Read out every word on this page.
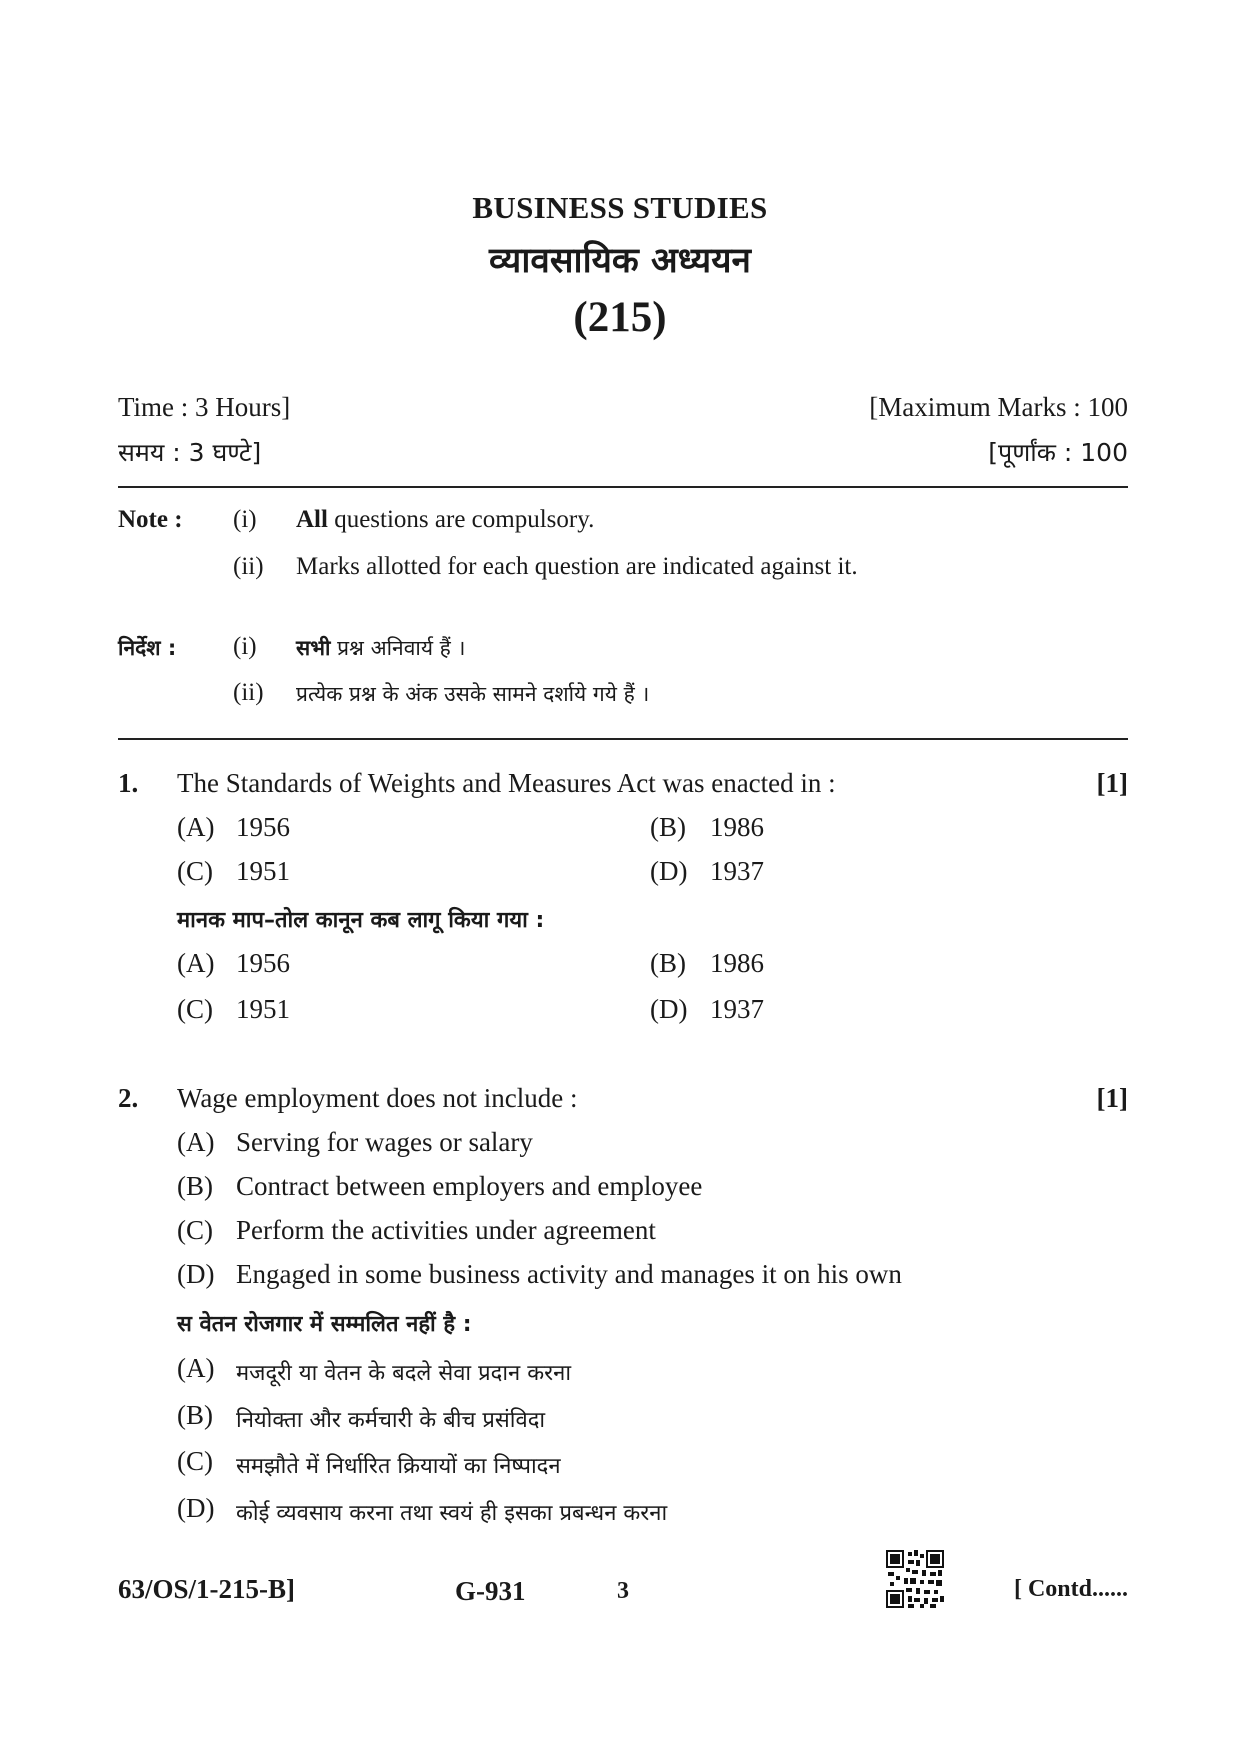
BUSINESS STUDIES
व्यावसायिक अध्ययन
(215)
Time : 3 Hours]
समय : 3 घण्टे]
[Maximum Marks : 100
[पूर्णांक : 100
Note : (i) All questions are compulsory.
(ii) Marks allotted for each question are indicated against it.
निर्देश : (i) सभी प्रश्न अनिवार्य हैं ।
(ii) प्रत्येक प्रश्न के अंक उसके सामने दर्शाये गये हैं ।
1. The Standards of Weights and Measures Act was enacted in :	[1]
(A) 1956	(B) 1986
(C) 1951	(D) 1937
मानक माप–तोल कानून कब लागू किया गया :
(A) 1956	(B) 1986
(C) 1951	(D) 1937
2. Wage employment does not include :	[1]
(A) Serving for wages or salary
(B) Contract between employers and employee
(C) Perform the activities under agreement
(D) Engaged in some business activity and manages it on his own
स वेतन रोजगार में सम्मलित नहीं है :
(A) मजदूरी या वेतन के बदले सेवा प्रदान करना
(B) नियोक्ता और कर्मचारी के बीच प्रसंविदा
(C) समझौते में निर्धारित क्रियायों का निष्पादन
(D) कोई व्यवसाय करना तथा स्वयं ही इसका प्रबन्धन करना
63/OS/1-215-B]	G-931	3	[ Contd......
